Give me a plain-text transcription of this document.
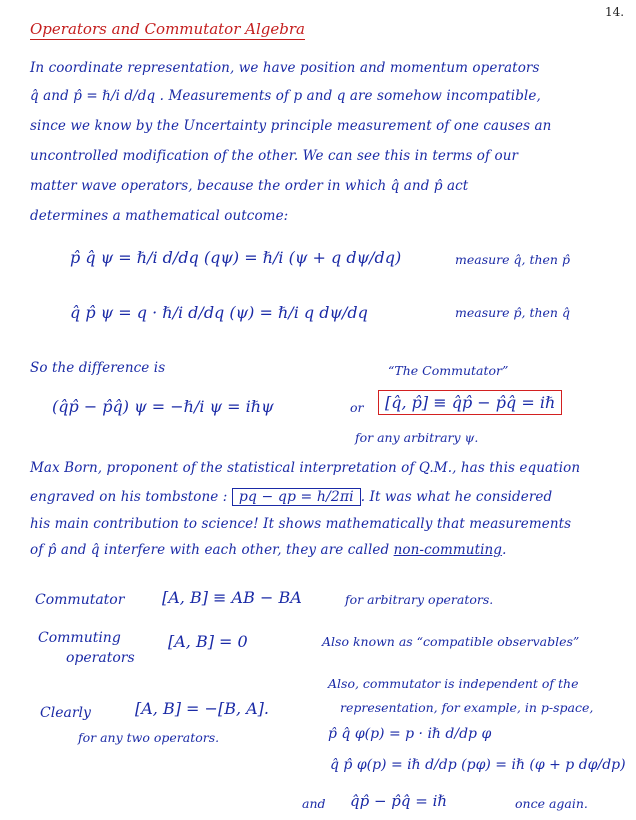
14.
Operators and Commutator Algebra
In coordinate representation, we have position and momentum operators
q̂ and p̂ = ℏ/i d/dq . Measurements of p and q are somehow incompatible,
since we know by the Uncertainty principle measurement of one causes an
uncontrolled modification of the other. We can see this in terms of our
matter wave operators, because the order in which q̂ and p̂ act
determines a mathematical outcome:
p̂ q̂ ψ = ℏ/i d/dq (qψ) = ℏ/i (ψ + q dψ/dq)	measure q̂, then p̂
q̂ p̂ ψ = q · ℏ/i d/dq (ψ) = ℏ/i q dψ/dq	measure p̂, then q̂
So the difference is	“The Commutator”
(q̂p̂ − p̂q̂) ψ = −ℏ/i ψ = iℏψ	or	[q̂, p̂] ≡ q̂p̂ − p̂q̂ = iℏ
for any arbitrary ψ.
Max Born, proponent of the statistical interpretation of Q.M., has this equation
engraved on his tombstone : pq − qp = h/2πi . It was what he considered
his main contribution to science! It shows mathematically that measurements
of p̂ and q̂ interfere with each other, they are called non-commuting.
Commutator [A, B] ≡ AB − BA	for arbitrary operators.
Commuting
operators
[A, B] = 0	Also known as “compatible observables”
Clearly	[A, B] = −[B, A].
for any two operators.
Also, commutator is independent of the
representation, for example, in p-space,
p̂ q̂ φ(p) = p · iℏ d/dp φ
q̂ p̂ φ(p) = iℏ d/dp (pφ) = iℏ (φ + p dφ/dp)
and q̂p̂ − p̂q̂ = iℏ	once again.
